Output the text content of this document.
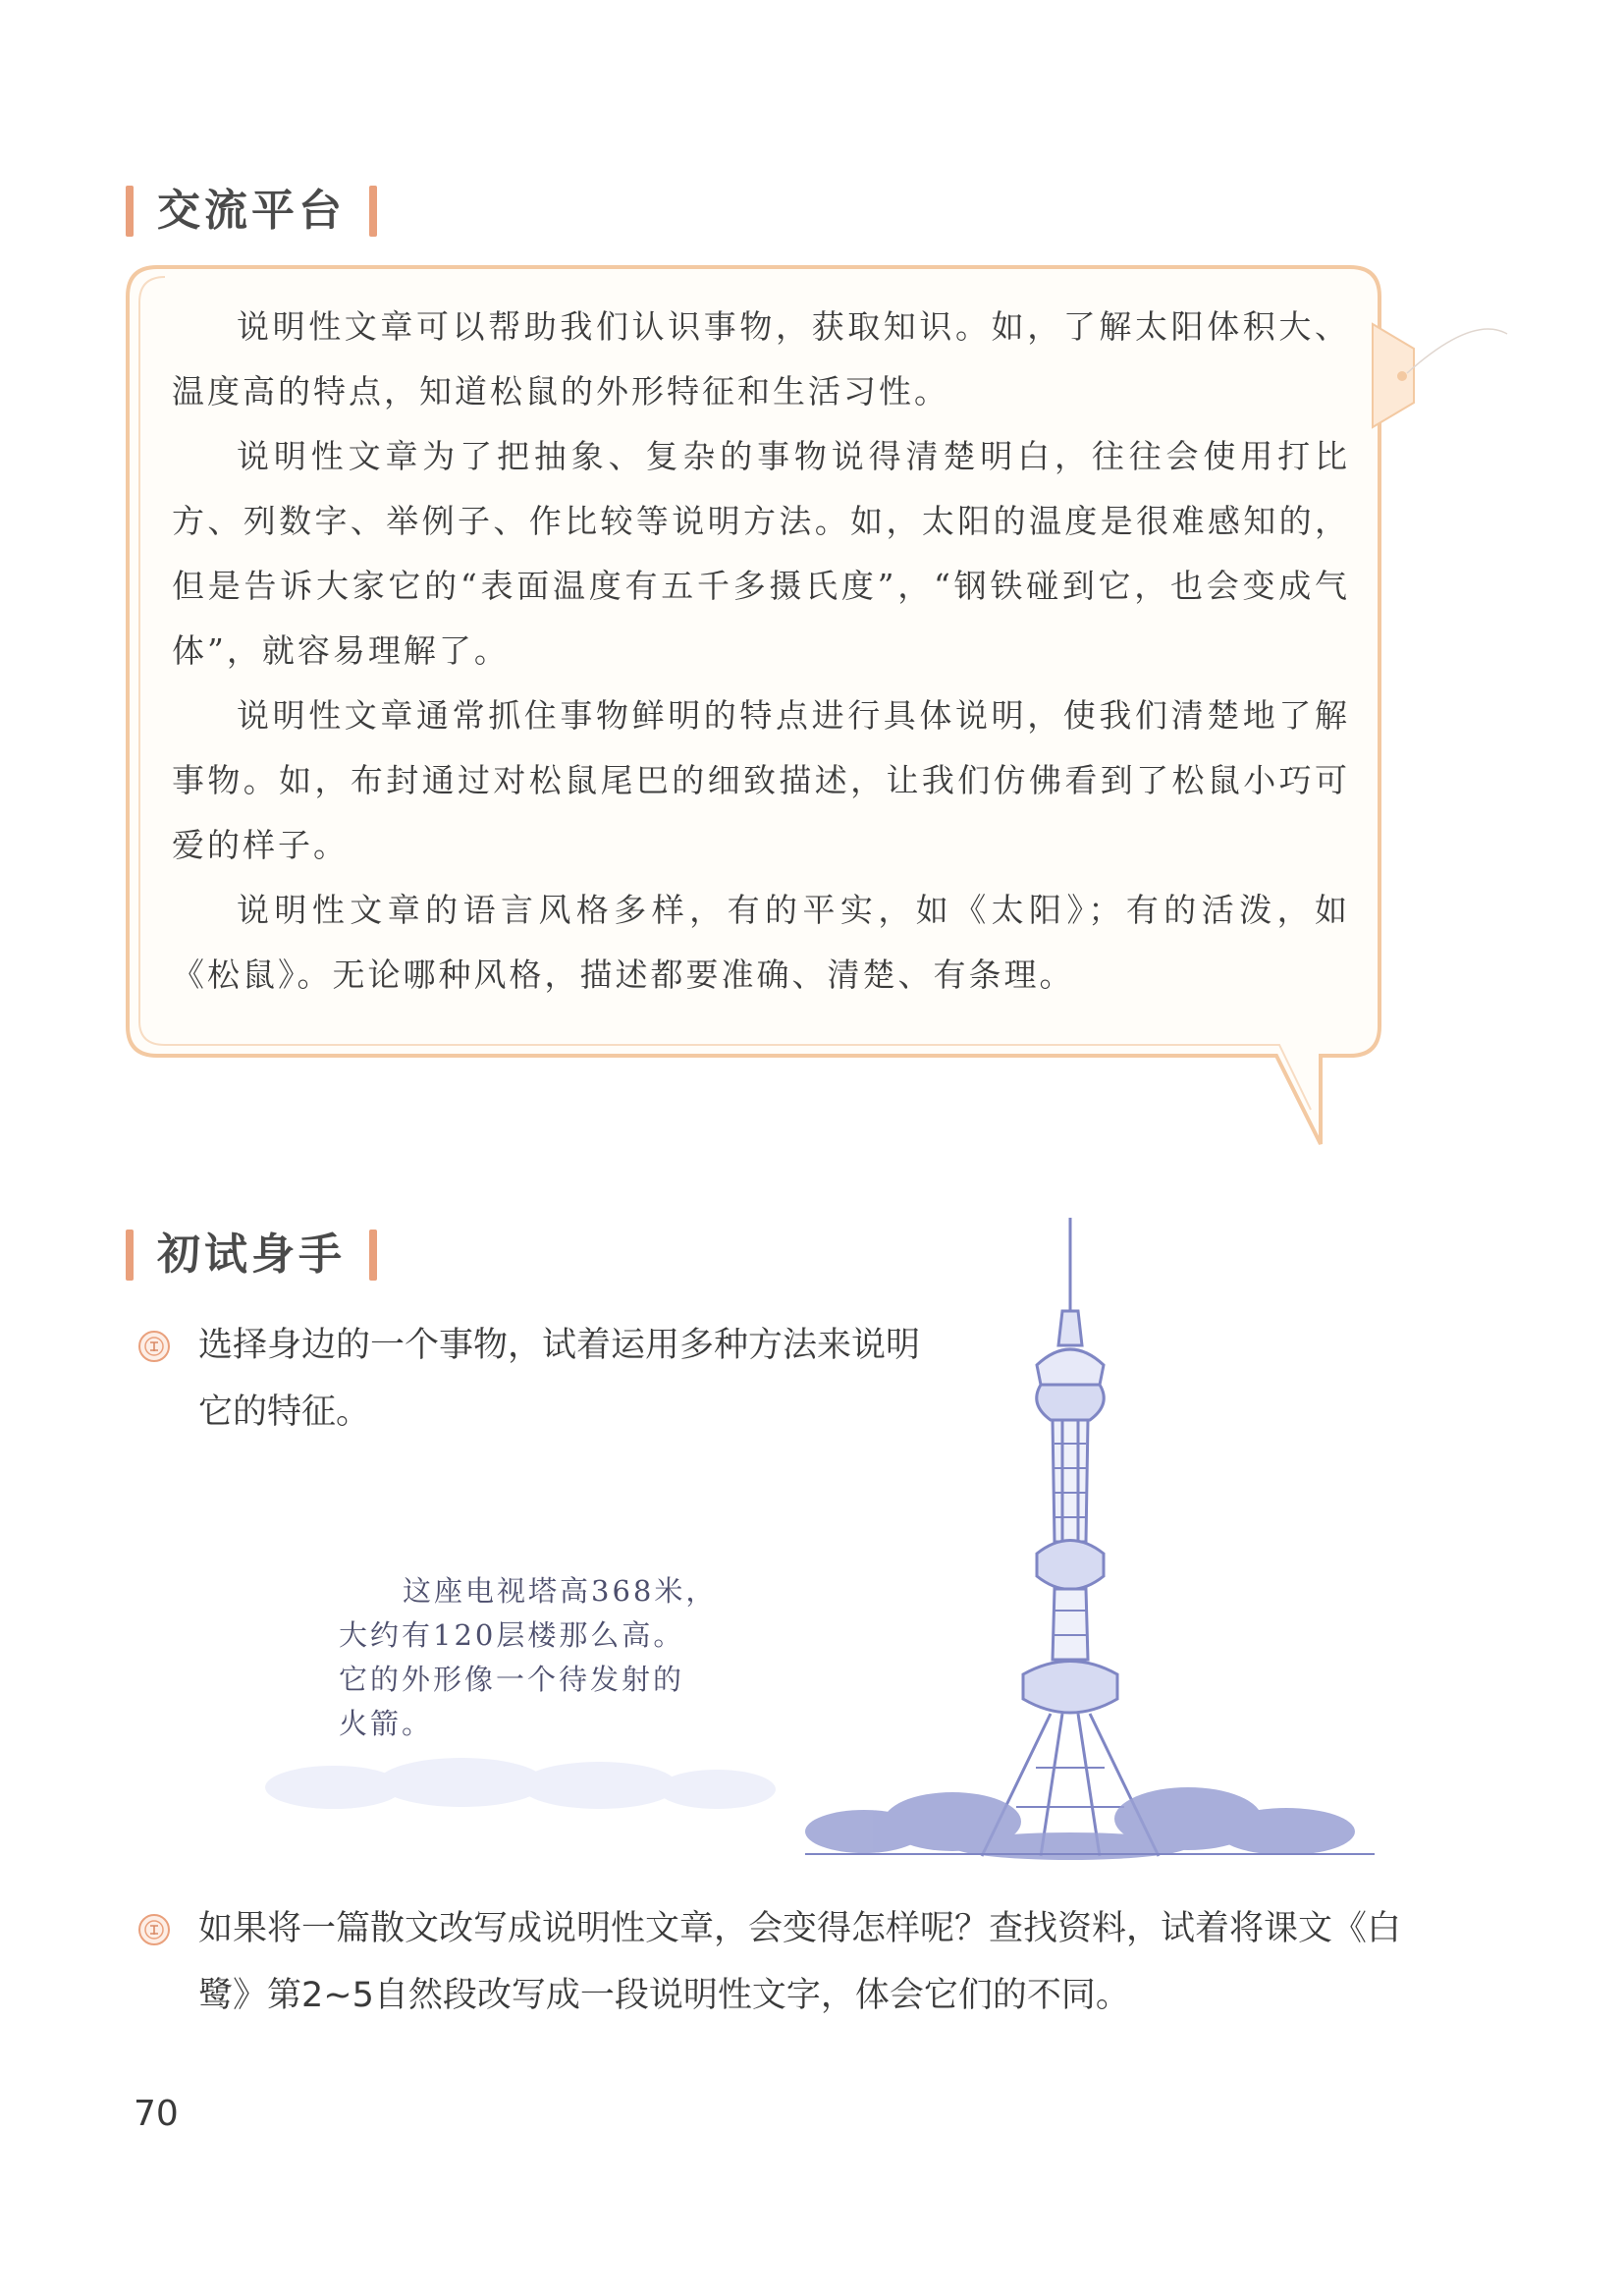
交流平台

说明性文章可以帮助我们认识事物，获取知识。如，了解太阳体积大、温度高的特点，知道松鼠的外形特征和生活习性。

说明性文章为了把抽象、复杂的事物说得清楚明白，往往会使用打比方、列数字、举例子、作比较等说明方法。如，太阳的温度是很难感知的，但是告诉大家它的“表面温度有五千多摄氏度”，“钢铁碰到它，也会变成气体”，就容易理解了。

说明性文章通常抓住事物鲜明的特点进行具体说明，使我们清楚地了解事物。如，布封通过对松鼠尾巴的细致描述，让我们仿佛看到了松鼠小巧可爱的样子。

说明性文章的语言风格多样，有的平实，如《太阳》；有的活泼，如《松鼠》。无论哪种风格，描述都要准确、清楚、有条理。

初试身手
选择身边的一个事物，试着运用多种方法来说明它的特征。
这座电视塔高368米，
大约有120层楼那么高。
它的外形像一个待发射的
火箭。
如果将一篇散文改写成说明性文章，会变得怎样呢？查找资料，试着将课文《白鹭》第2~5自然段改写成一段说明性文字，体会它们的不同。
70
